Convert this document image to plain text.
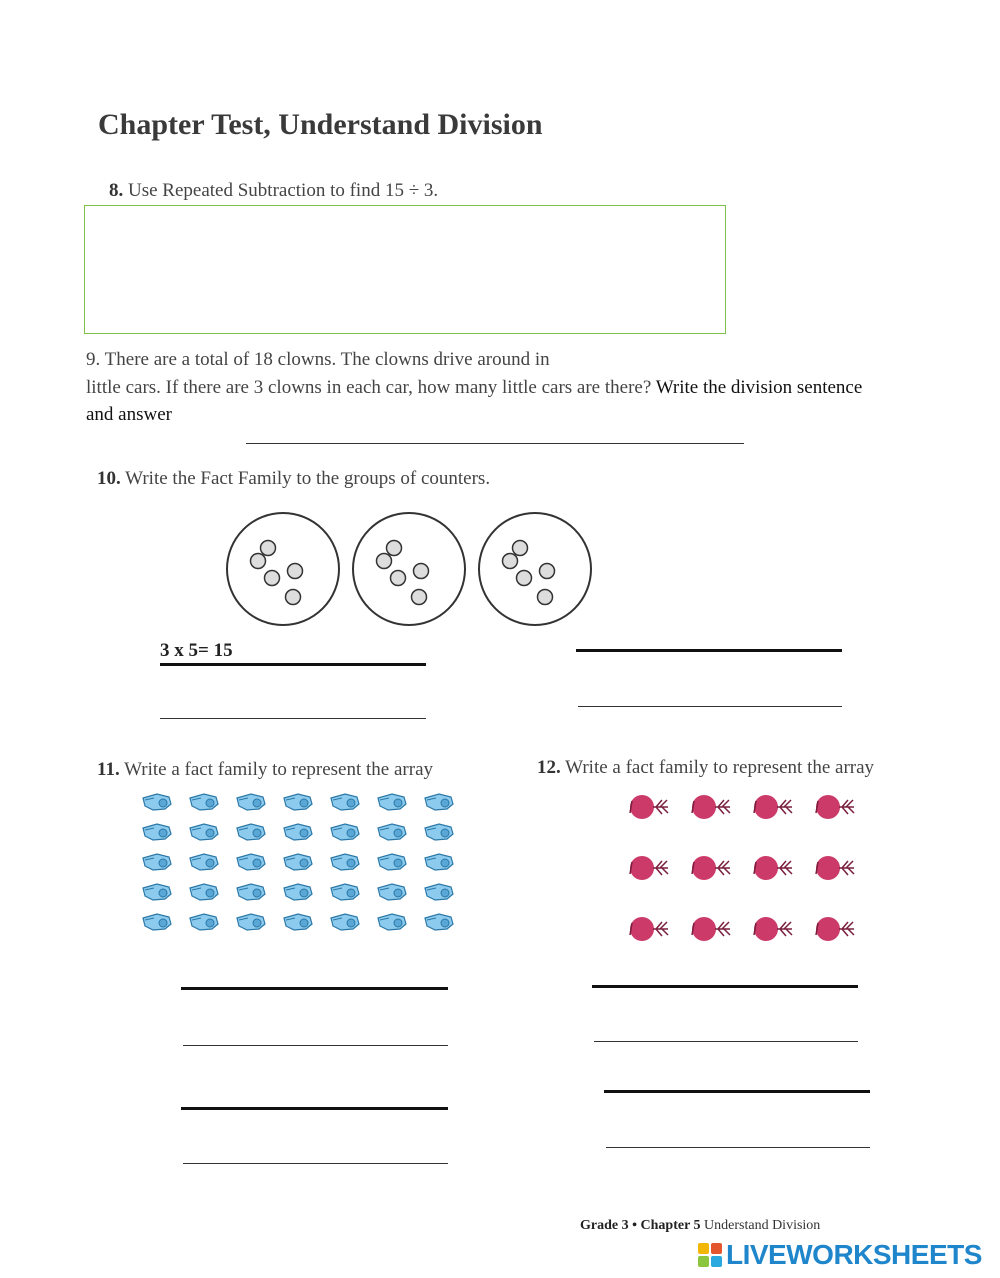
Chapter Test, Understand Division
8. Use Repeated Subtraction to find 15 ÷ 3.
9. There are a total of 18 clowns. The clowns drive around in
little cars. If there are 3 clowns in each car, how many little cars are there? Write the division sentence
and answer
10. Write the Fact Family to the groups of counters.
3 x 5= 15
11. Write a fact family to represent the array	12. Write a fact family to represent the array
Grade 3 • Chapter 5 Understand Division
LIVEWORKSHEETS
